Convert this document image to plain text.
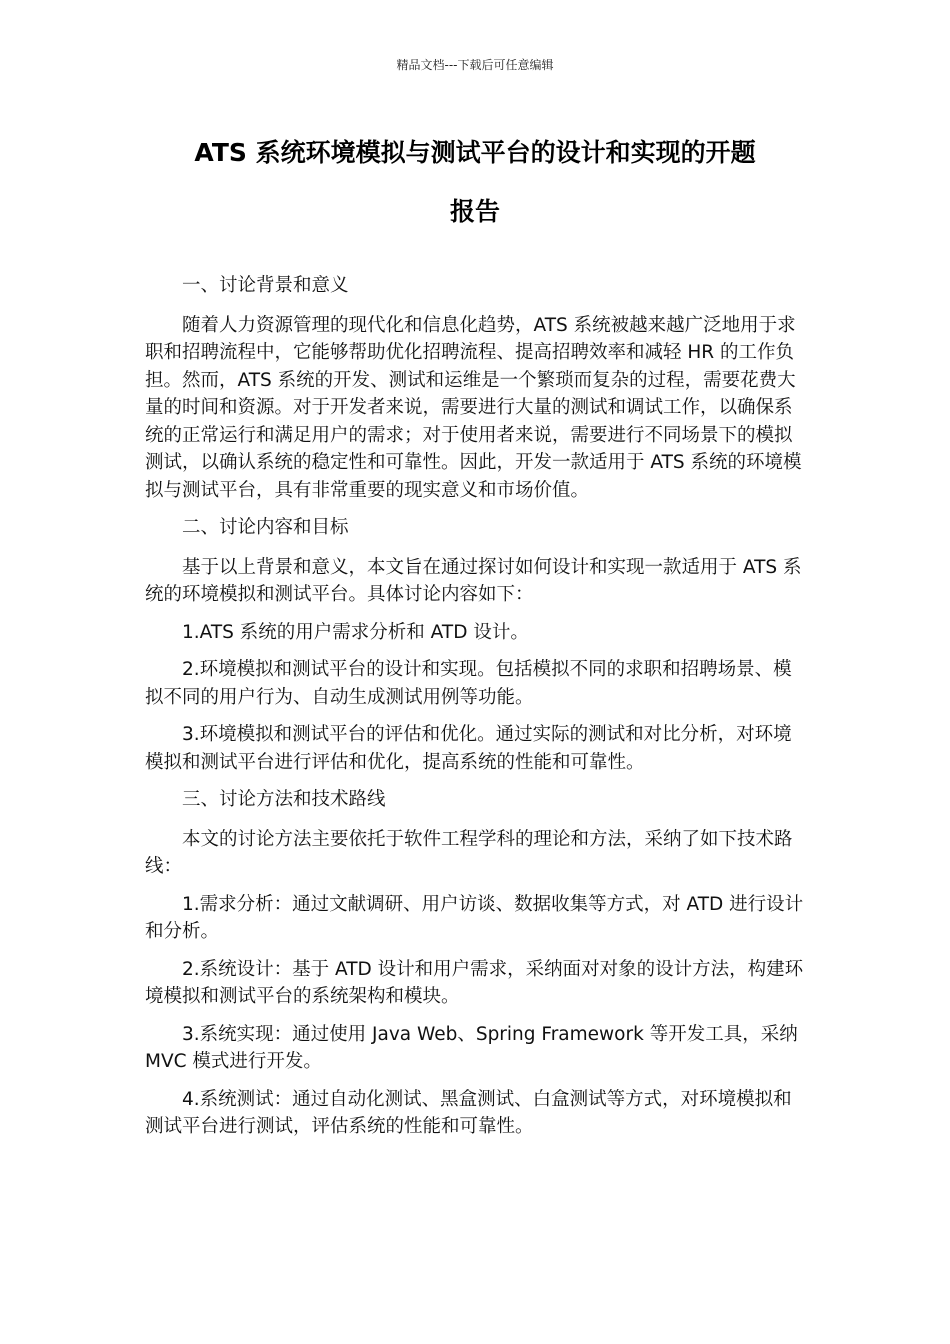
精品文档---下载后可任意编辑
ATS 系统环境模拟与测试平台的设计和实现的开题
报告

一、讨论背景和意义

随着人力资源管理的现代化和信息化趋势，ATS 系统被越来越广泛地用于求职和招聘流程中，它能够帮助优化招聘流程、提高招聘效率和减轻 HR 的工作负担。然而，ATS 系统的开发、测试和运维是一个繁琐而复杂的过程，需要花费大量的时间和资源。对于开发者来说，需要进行大量的测试和调试工作，以确保系统的正常运行和满足用户的需求；对于使用者来说，需要进行不同场景下的模拟测试，以确认系统的稳定性和可靠性。因此，开发一款适用于 ATS 系统的环境模拟与测试平台，具有非常重要的现实意义和市场价值。

二、讨论内容和目标

基于以上背景和意义，本文旨在通过探讨如何设计和实现一款适用于 ATS 系统的环境模拟和测试平台。具体讨论内容如下：

1.ATS 系统的用户需求分析和 ATD 设计。

2.环境模拟和测试平台的设计和实现。包括模拟不同的求职和招聘场景、模拟不同的用户行为、自动生成测试用例等功能。

3.环境模拟和测试平台的评估和优化。通过实际的测试和对比分析，对环境模拟和测试平台进行评估和优化，提高系统的性能和可靠性。

三、讨论方法和技术路线

本文的讨论方法主要依托于软件工程学科的理论和方法，采纳了如下技术路线：

1.需求分析：通过文献调研、用户访谈、数据收集等方式，对 ATD 进行设计和分析。

2.系统设计：基于 ATD 设计和用户需求，采纳面对对象的设计方法，构建环境模拟和测试平台的系统架构和模块。

3.系统实现：通过使用 Java Web、Spring Framework 等开发工具，采纳 MVC 模式进行开发。

4.系统测试：通过自动化测试、黑盒测试、白盒测试等方式，对环境模拟和测试平台进行测试，评估系统的性能和可靠性。
